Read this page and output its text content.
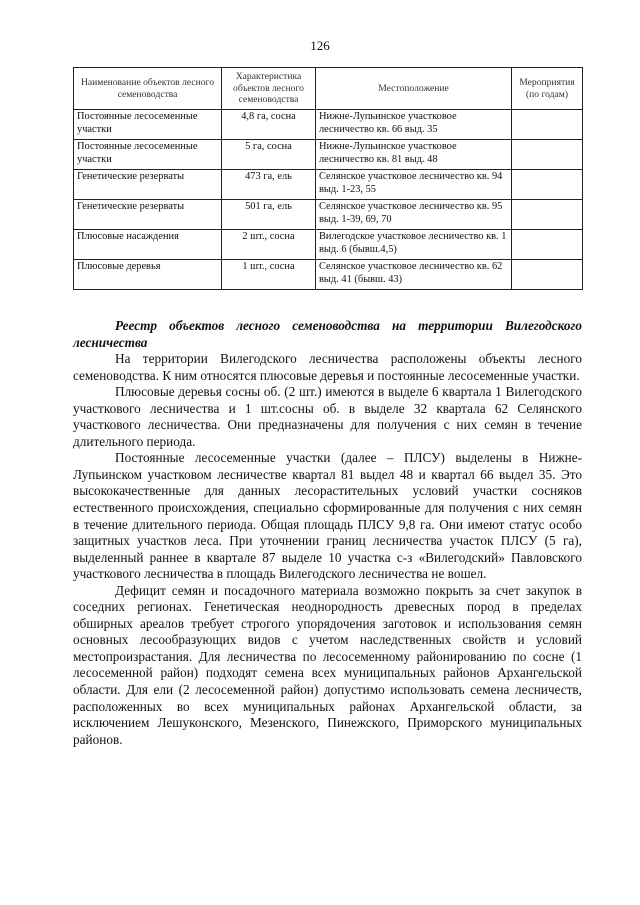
126
Наименование объектов лесного семеноводства	Характеристика объектов лесного семеноводства	Местоположение	Мероприятия (по годам)
Постоянные лесосеменные участки	4,8 га, сосна	Нижне-Лупьинское участковое лесничество кв. 66 выд. 35	
Постоянные лесосеменные участки	5 га, сосна	Нижне-Лупьинское участковое лесничество кв. 81 выд. 48	
Генетические резерваты	473 га, ель	Селянское участковое лесничество кв. 94 выд. 1-23, 55	
Генетические резерваты	501 га, ель	Селянское участковое лесничество кв. 95 выд. 1-39, 69, 70	
Плюсовые насаждения	2 шт., сосна	Вилегодское участковое лесничество кв. 1 выд. 6 (бывш.4,5)	
Плюсовые деревья	1 шт., сосна	Селянское участковое лесничество кв. 62 выд. 41 (бывш. 43)	
Реестр объектов лесного семеноводства на территории Вилегодского лесничества

На территории Вилегодского лесничества расположены объекты лесного семеноводства. К ним относятся плюсовые деревья и постоянные лесосеменные участки.

Плюсовые деревья сосны об. (2 шт.) имеются в выделе 6 квартала 1 Вилегодского участкового лесничества и 1 шт.сосны об. в выделе 32 квартала 62 Селянского участкового лесничества. Они предназначены для получения с них семян в течение длительного периода.

Постоянные лесосеменные участки (далее – ПЛСУ) выделены в Нижне-Лупьинском участковом лесничестве квартал 81 выдел 48 и квартал 66 выдел 35. Это высококачественные для данных лесорастительных условий участки сосняков естественного происхождения, специально сформированные для получения с них семян в течение длительного периода. Общая площадь ПЛСУ 9,8 га. Они имеют статус особо защитных участков леса. При уточнении границ лесничества участок ПЛСУ (5 га), выделенный раннее в квартале 87 выделе 10 участка с-з «Вилегодский» Павловского участкового лесничества в площадь Вилегодского лесничества не вошел.

Дефицит семян и посадочного материала возможно покрыть за счет закупок в соседних регионах. Генетическая неоднородность древесных пород в пределах обширных ареалов требует строгого упорядочения заготовок и использования семян основных лесообразующих видов с учетом наследственных свойств и условий местопроизрастания. Для лесничества по лесосеменному районированию по сосне (1 лесосеменной район) подходят семена всех муниципальных районов Архангельской области. Для ели (2 лесосеменной район) допустимо использовать семена лесничеств, расположенных во всех муниципальных районах Архангельской области, за исключением Лешуконского, Мезенского, Пинежского, Приморского муниципальных районов.
